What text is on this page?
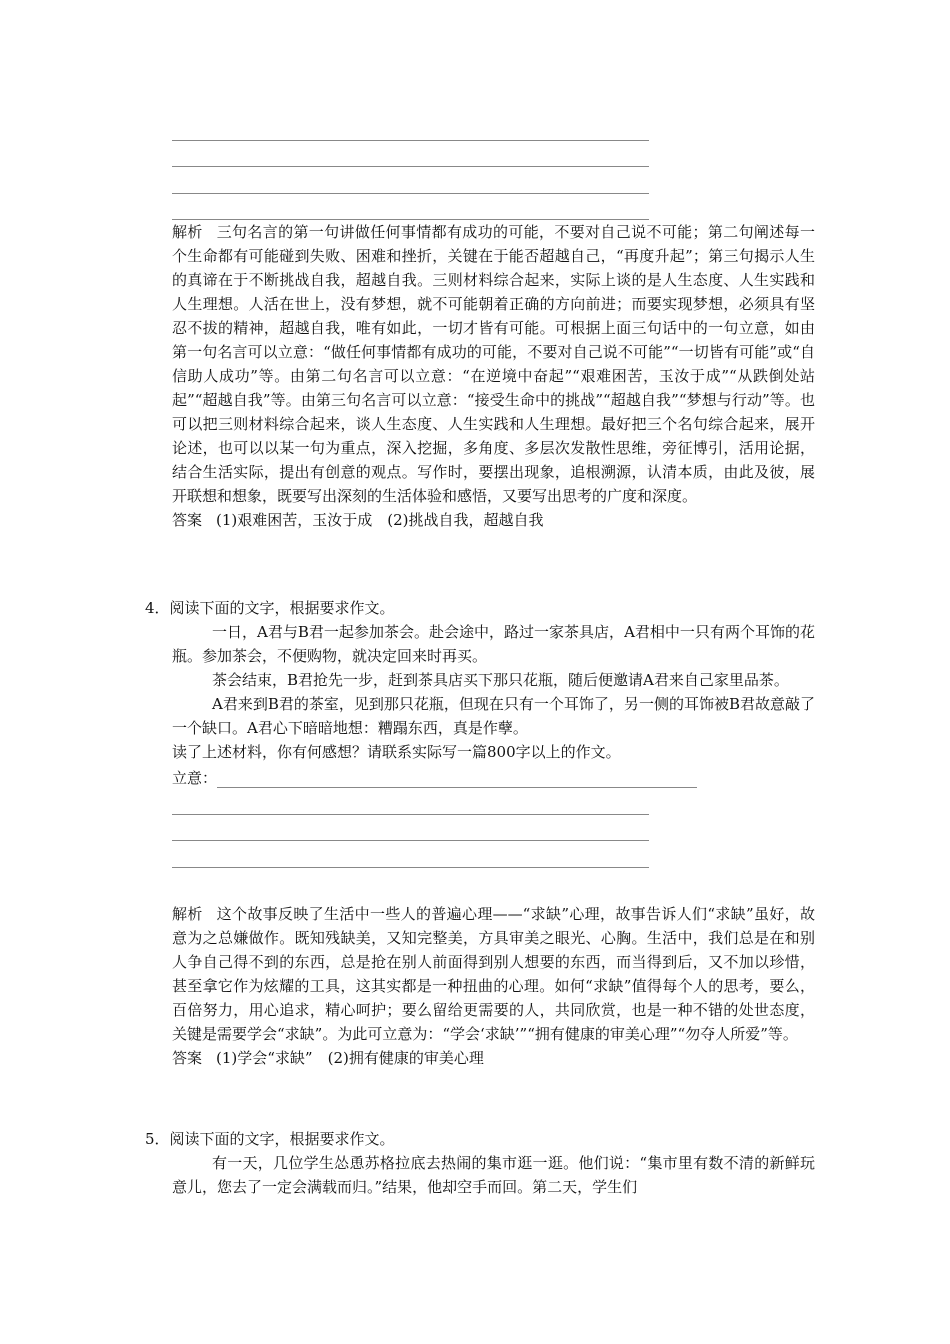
解析 三句名言的第一句讲做任何事情都有成功的可能，不要对自己说不可能；第二句阐述每一个生命都有可能碰到失败、困难和挫折，关键在于能否超越自己，“再度升起”；第三句揭示人生的真谛在于不断挑战自我，超越自我。三则材料综合起来，实际上谈的是人生态度、人生实践和人生理想。人活在世上，没有梦想，就不可能朝着正确的方向前进；而要实现梦想，必须具有坚忍不拔的精神，超越自我，唯有如此，一切才皆有可能。可根据上面三句话中的一句立意，如由第一句名言可以立意：“做任何事情都有成功的可能，不要对自己说不可能”“一切皆有可能”或“自信助人成功”等。由第二句名言可以立意：“在逆境中奋起”“艰难困苦，玉汝于成”“从跌倒处站起”“超越自我”等。由第三句名言可以立意：“接受生命中的挑战”“超越自我”“梦想与行动”等。也可以把三则材料综合起来，谈人生态度、人生实践和人生理想。最好把三个名句综合起来，展开论述，也可以以某一句为重点，深入挖掘，多角度、多层次发散性思维，旁征博引，活用论据，结合生活实际，提出有创意的观点。写作时，要摆出现象，追根溯源，认清本质，由此及彼，展开联想和想象，既要写出深刻的生活体验和感悟，又要写出思考的广度和深度。

答案 (1)艰难困苦，玉汝于成　(2)挑战自我，超越自我

4．阅读下面的文字，根据要求作文。

一日，A君与B君一起参加茶会。赴会途中，路过一家茶具店，A君相中一只有两个耳饰的花瓶。参加茶会，不便购物，就决定回来时再买。

茶会结束，B君抢先一步，赶到茶具店买下那只花瓶，随后便邀请A君来自己家里品茶。

A君来到B君的茶室，见到那只花瓶，但现在只有一个耳饰了，另一侧的耳饰被B君故意敲了一个缺口。A君心下暗暗地想：糟蹋东西，真是作孽。

读了上述材料，你有何感想？请联系实际写一篇800字以上的作文。

立意：

解析 这个故事反映了生活中一些人的普遍心理——“求缺”心理，故事告诉人们“求缺”虽好，故意为之总嫌做作。既知残缺美，又知完整美，方具审美之眼光、心胸。生活中，我们总是在和别人争自己得不到的东西，总是抢在别人前面得到别人想要的东西，而当得到后，又不加以珍惜，甚至拿它作为炫耀的工具，这其实都是一种扭曲的心理。如何“求缺”值得每个人的思考，要么，百倍努力，用心追求，精心呵护；要么留给更需要的人，共同欣赏，也是一种不错的处世态度，关键是需要学会“求缺”。为此可立意为：“学会‘求缺’”“拥有健康的审美心理”“勿夺人所爱”等。

答案 (1)学会“求缺”　(2)拥有健康的审美心理

5．阅读下面的文字，根据要求作文。

有一天，几位学生怂恿苏格拉底去热闹的集市逛一逛。他们说：“集市里有数不清的新鲜玩意儿，您去了一定会满载而归。”结果，他却空手而回。第二天，学生们
